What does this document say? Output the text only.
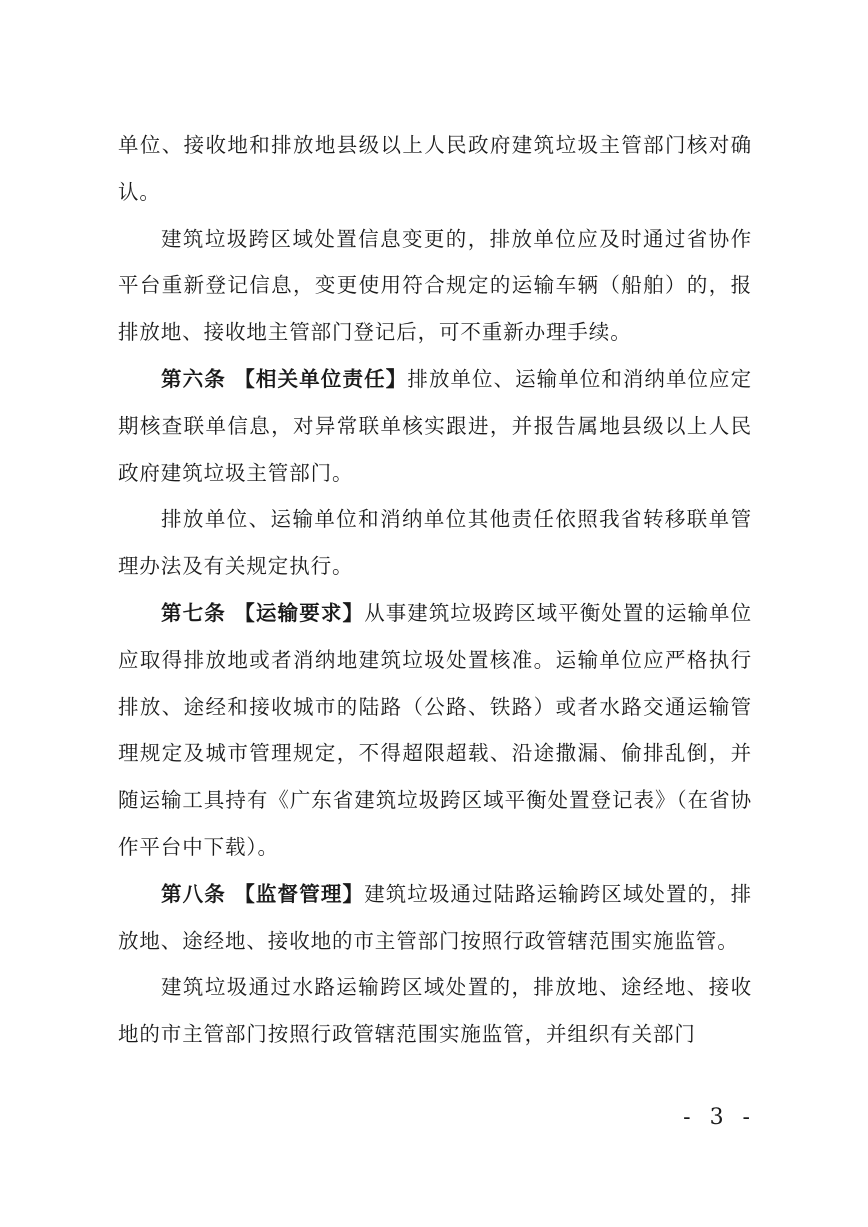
单位、接收地和排放地县级以上人民政府建筑垃圾主管部门核对确认。

建筑垃圾跨区域处置信息变更的，排放单位应及时通过省协作平台重新登记信息，变更使用符合规定的运输车辆（船舶）的，报排放地、接收地主管部门登记后，可不重新办理手续。

第六条 【相关单位责任】排放单位、运输单位和消纳单位应定期核查联单信息，对异常联单核实跟进，并报告属地县级以上人民政府建筑垃圾主管部门。

排放单位、运输单位和消纳单位其他责任依照我省转移联单管理办法及有关规定执行。

第七条 【运输要求】从事建筑垃圾跨区域平衡处置的运输单位应取得排放地或者消纳地建筑垃圾处置核准。运输单位应严格执行排放、途经和接收城市的陆路（公路、铁路）或者水路交通运输管理规定及城市管理规定，不得超限超载、沿途撒漏、偷排乱倒，并随运输工具持有《广东省建筑垃圾跨区域平衡处置登记表》（在省协作平台中下载）。

第八条 【监督管理】建筑垃圾通过陆路运输跨区域处置的，排放地、途经地、接收地的市主管部门按照行政管辖范围实施监管。

建筑垃圾通过水路运输跨区域处置的，排放地、途经地、接收地的市主管部门按照行政管辖范围实施监管，并组织有关部门

- 3 -
